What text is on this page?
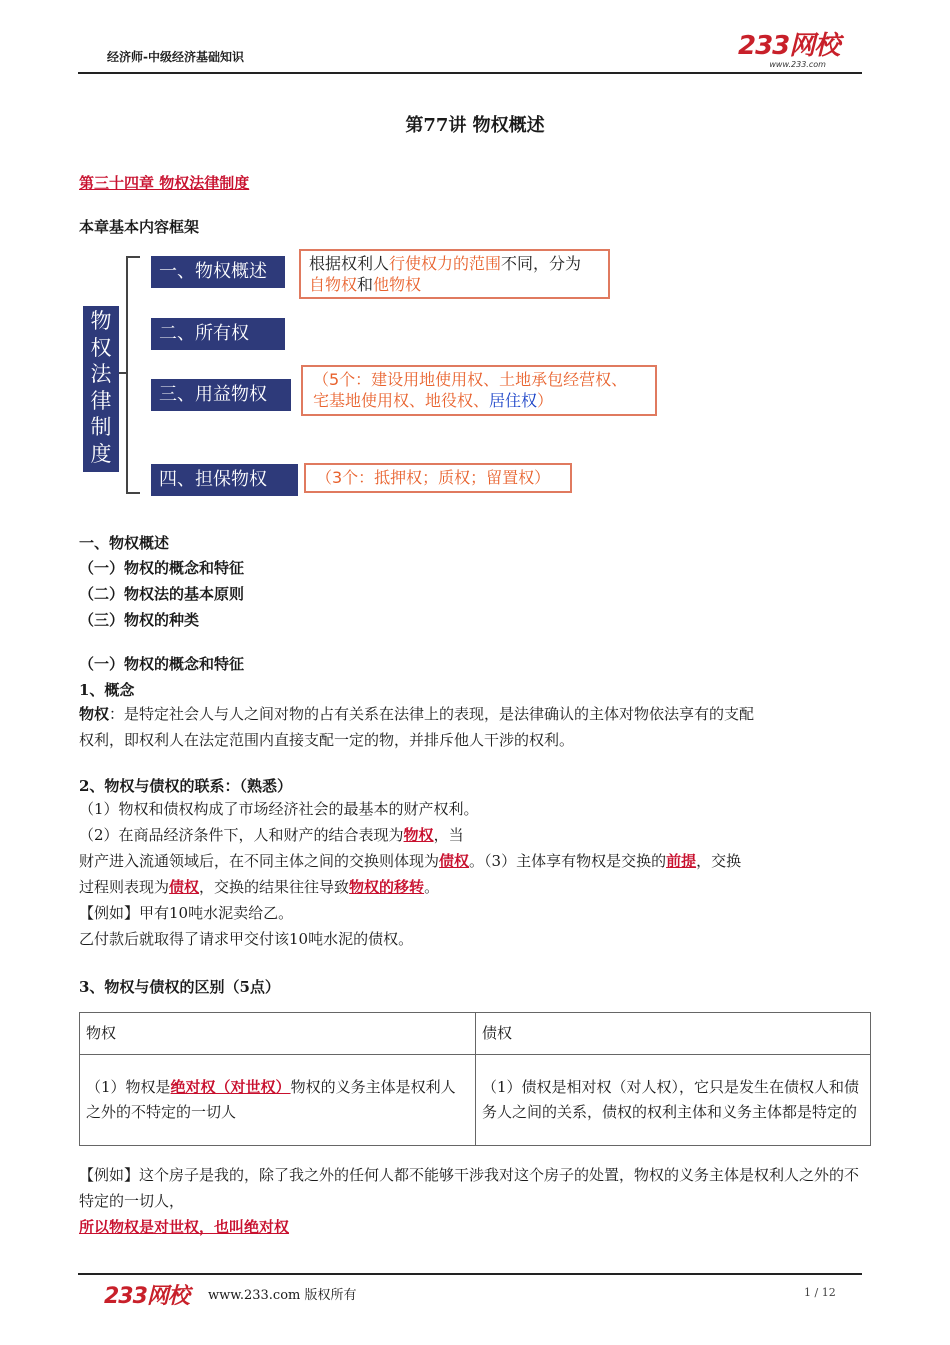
经济师-中级经济基础知识	233网校
www.233.com
第77讲 物权概述
第三十四章 物权法律制度
本章基本内容框架
物
权
法
律
制
度
一、物权概述
二、所有权
三、用益物权
四、担保物权
根据权利人行使权力的范围不同，分为
自物权和他物权
（5个：建设用地使用权、土地承包经营权、
宅基地使用权、地役权、居住权）
（3个：抵押权；质权；留置权）
一、物权概述
（一）物权的概念和特征
（二）物权法的基本原则
（三）物权的种类
（一）物权的概念和特征
1、概念
物权：是特定社会人与人之间对物的占有关系在法律上的表现，是法律确认的主体对物依法享有的支配
权利，即权利人在法定范围内直接支配一定的物，并排斥他人干涉的权利。
2、物权与债权的联系：（熟悉）
（1）物权和债权构成了市场经济社会的最基本的财产权利。
（2）在商品经济条件下，人和财产的结合表现为物权，当
财产进入流通领域后，在不同主体之间的交换则体现为债权。（3）主体享有物权是交换的前提，交换
过程则表现为债权，交换的结果往往导致物权的移转。
【例如】甲有10吨水泥卖给乙。
乙付款后就取得了请求甲交付该10吨水泥的债权。
3、物权与债权的区别（5点）
物权	债权
（1）物权是绝对权（对世权）物权的义务主体是权利人之外的不特定的一切人	（1）债权是相对权（对人权），它只是发生在债权人和债务人之间的关系，债权的权利主体和义务主体都是特定的
【例如】这个房子是我的，除了我之外的任何人都不能够干涉我对这个房子的处置，物权的义务主体是权利人之外的不特定的一切人，
所以物权是对世权，也叫绝对权
233网校 www.233.com 版权所有	1 / 12
